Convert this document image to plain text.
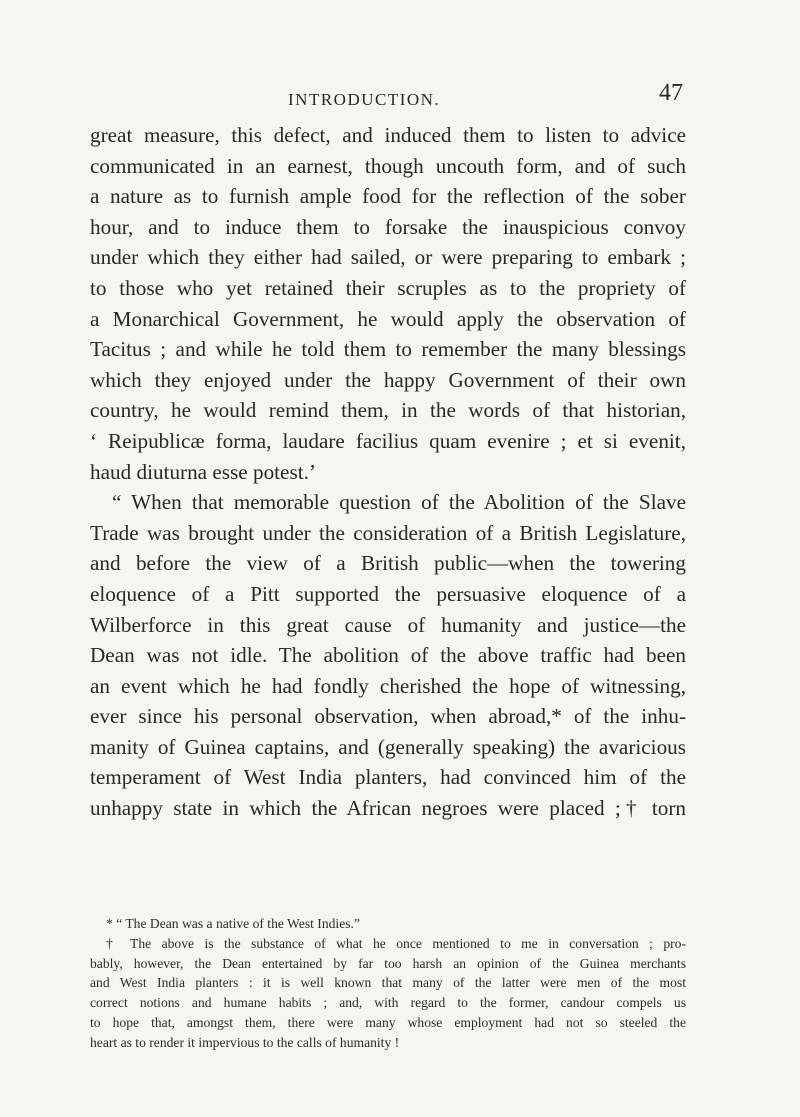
INTRODUCTION.	47
great measure, this defect, and induced them to listen to advice
communicated in an earnest, though uncouth form, and of such
a nature as to furnish ample food for the reflection of the sober
hour, and to induce them to forsake the inauspicious convoy
under which they either had sailed, or were preparing to embark ;
to those who yet retained their scruples as to the propriety of
a Monarchical Government, he would apply the observation of
Tacitus ; and while he told them to remember the many blessings
which they enjoyed under the happy Government of their own
country, he would remind them, in the words of that historian,
‘ Reipublicæ forma, laudare facilius quam evenire ; et si evenit,
haud diuturna esse potest.’
“ When that memorable question of the Abolition of the Slave
Trade was brought under the consideration of a British Legislature,
and before the view of a British public—when the towering
eloquence of a Pitt supported the persuasive eloquence of a
Wilberforce in this great cause of humanity and justice—the
Dean was not idle. The abolition of the above traffic had been
an event which he had fondly cherished the hope of witnessing,
ever since his personal observation, when abroad,* of the inhu-
manity of Guinea captains, and (generally speaking) the avaricious
temperament of West India planters, had convinced him of the
unhappy state in which the African negroes were placed ;† torn
* “ The Dean was a native of the West Indies.”
† The above is the substance of what he once mentioned to me in conversation ; pro-
bably, however, the Dean entertained by far too harsh an opinion of the Guinea merchants
and West India planters : it is well known that many of the latter were men of the most
correct notions and humane habits ; and, with regard to the former, candour compels us
to hope that, amongst them, there were many whose employment had not so steeled the
heart as to render it impervious to the calls of humanity !
